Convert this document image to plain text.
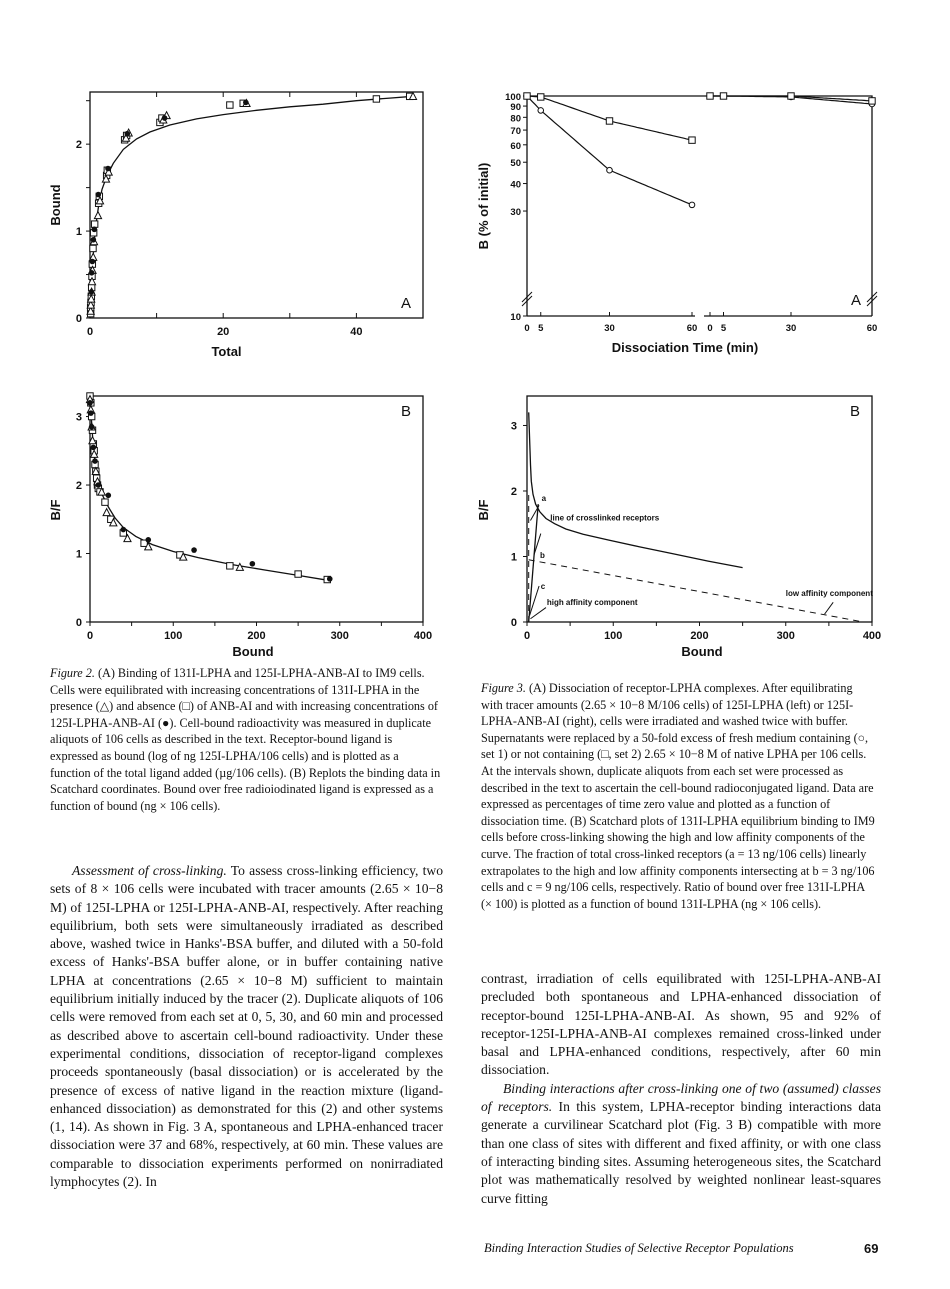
0	20	40
0
1
2
Total
Bound
A
10
30
40
50
60
70
80
90
100
0	0
5	5
30	30
60	60
Dissociation Time (min)
B (% of initial)
A
0	100	200	300	400
0
1
2
3
Bound
B/F
B
0	100	200	300	400
0
1
2
3
Bound
B/F
B
a
b
c
line of crosslinked receptors
low affinity component
high affinity component

Figure 2. (A) Binding of 131I-LPHA and 125I-LPHA-ANB-AI to IM9 cells. Cells were equilibrated with increasing concentrations of 131I-LPHA in the presence (△) and absence (□) of ANB-AI and with increasing concentrations of 125I-LPHA-ANB-AI (●). Cell-bound radioactivity was measured in duplicate aliquots of 106 cells as described in the text. Receptor-bound ligand is expressed as bound (log of ng 125I-LPHA/106 cells) and is plotted as a function of the total ligand added (µg/106 cells). (B) Replots the binding data in Scatchard coordinates. Bound over free radioiodinated ligand is expressed as a function of bound (ng × 106 cells).

Figure 3. (A) Dissociation of receptor-LPHA complexes. After equilibrating with tracer amounts (2.65 × 10−8 M/106 cells) of 125I-LPHA (left) or 125I-LPHA-ANB-AI (right), cells were irradiated and washed twice with buffer. Supernatants were replaced by a 50-fold excess of fresh medium containing (○, set 1) or not containing (□, set 2) 2.65 × 10−8 M of native LPHA per 106 cells. At the intervals shown, duplicate aliquots from each set were processed as described in the text to ascertain the cell-bound radioconjugated ligand. Data are expressed as percentages of time zero value and plotted as a function of dissociation time. (B) Scatchard plots of 131I-LPHA equilibrium binding to IM9 cells before cross-linking showing the high and low affinity components of the curve. The fraction of total cross-linked receptors (a = 13 ng/106 cells) linearly extrapolates to the high and low affinity components intersecting at b = 3 ng/106 cells and c = 9 ng/106 cells, respectively. Ratio of bound over free 131I-LPHA (× 100) is plotted as a function of bound 131I-LPHA (ng × 106 cells).

Assessment of cross-linking. To assess cross-linking efficiency, two sets of 8 × 106 cells were incubated with tracer amounts (2.65 × 10−8 M) of 125I-LPHA or 125I-LPHA-ANB-AI, respectively. After reaching equilibrium, both sets were simultaneously irradiated as described above, washed twice in Hanks'-BSA buffer, and diluted with a 50-fold excess of Hanks'-BSA buffer alone, or in buffer containing native LPHA at concentrations (2.65 × 10−8 M) sufficient to maintain equilibrium initially induced by the tracer (2). Duplicate aliquots of 106 cells were removed from each set at 0, 5, 30, and 60 min and processed as described above to ascertain cell-bound radioactivity. Under these experimental conditions, dissociation of receptor-ligand complexes proceeds spontaneously (basal dissociation) or is accelerated by the presence of excess of native ligand in the reaction mixture (ligand-enhanced dissociation) as demonstrated for this (2) and other systems (1, 14). As shown in Fig. 3 A, spontaneous and LPHA-enhanced tracer dissociation were 37 and 68%, respectively, at 60 min. These values are comparable to dissociation experiments performed on nonirradiated lymphocytes (2). In

contrast, irradiation of cells equilibrated with 125I-LPHA-ANB-AI precluded both spontaneous and LPHA-enhanced dissociation of receptor-bound 125I-LPHA-ANB-AI. As shown, 95 and 92% of receptor-125I-LPHA-ANB-AI complexes remained cross-linked under basal and LPHA-enhanced conditions, respectively, after 60 min dissociation.

Binding interactions after cross-linking one of two (assumed) classes of receptors. In this system, LPHA-receptor binding interactions data generate a curvilinear Scatchard plot (Fig. 3 B) compatible with more than one class of sites with different and fixed affinity, or with one class of interacting binding sites. Assuming heterogeneous sites, the Scatchard plot was mathematically resolved by weighted nonlinear least-squares curve fitting

Binding Interaction Studies of Selective Receptor Populations	69
